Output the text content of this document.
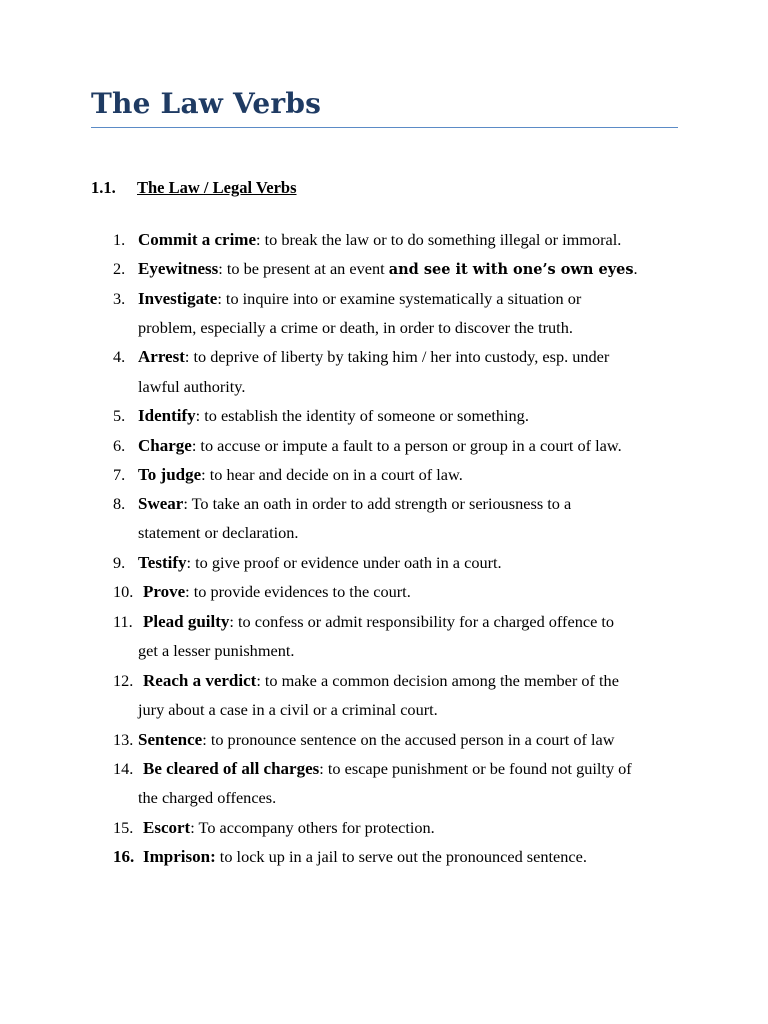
The Law Verbs
1.1. The Law / Legal Verbs
1. Commit a crime: to break the law or to do something illegal or immoral.
2. Eyewitness: to be present at an event and see it with one’s own eyes.
3. Investigate: to inquire into or examine systematically a situation or
problem, especially a crime or death, in order to discover the truth.
4. Arrest: to deprive of liberty by taking him / her into custody, esp. under
lawful authority.
5. Identify: to establish the identity of someone or something.
6. Charge: to accuse or impute a fault to a person or group in a court of law.
7. To judge: to hear and decide on in a court of law.
8. Swear: To take an oath in order to add strength or seriousness to a
statement or declaration.
9. Testify: to give proof or evidence under oath in a court.
10. Prove: to provide evidences to the court.
11. Plead guilty: to confess or admit responsibility for a charged offence to
get a lesser punishment.
12. Reach a verdict: to make a common decision among the member of the
jury about a case in a civil or a criminal court.
13. Sentence: to pronounce sentence on the accused person in a court of law
14. Be cleared of all charges: to escape punishment or be found not guilty of
the charged offences.
15. Escort: To accompany others for protection.
16. Imprison: to lock up in a jail to serve out the pronounced sentence.
